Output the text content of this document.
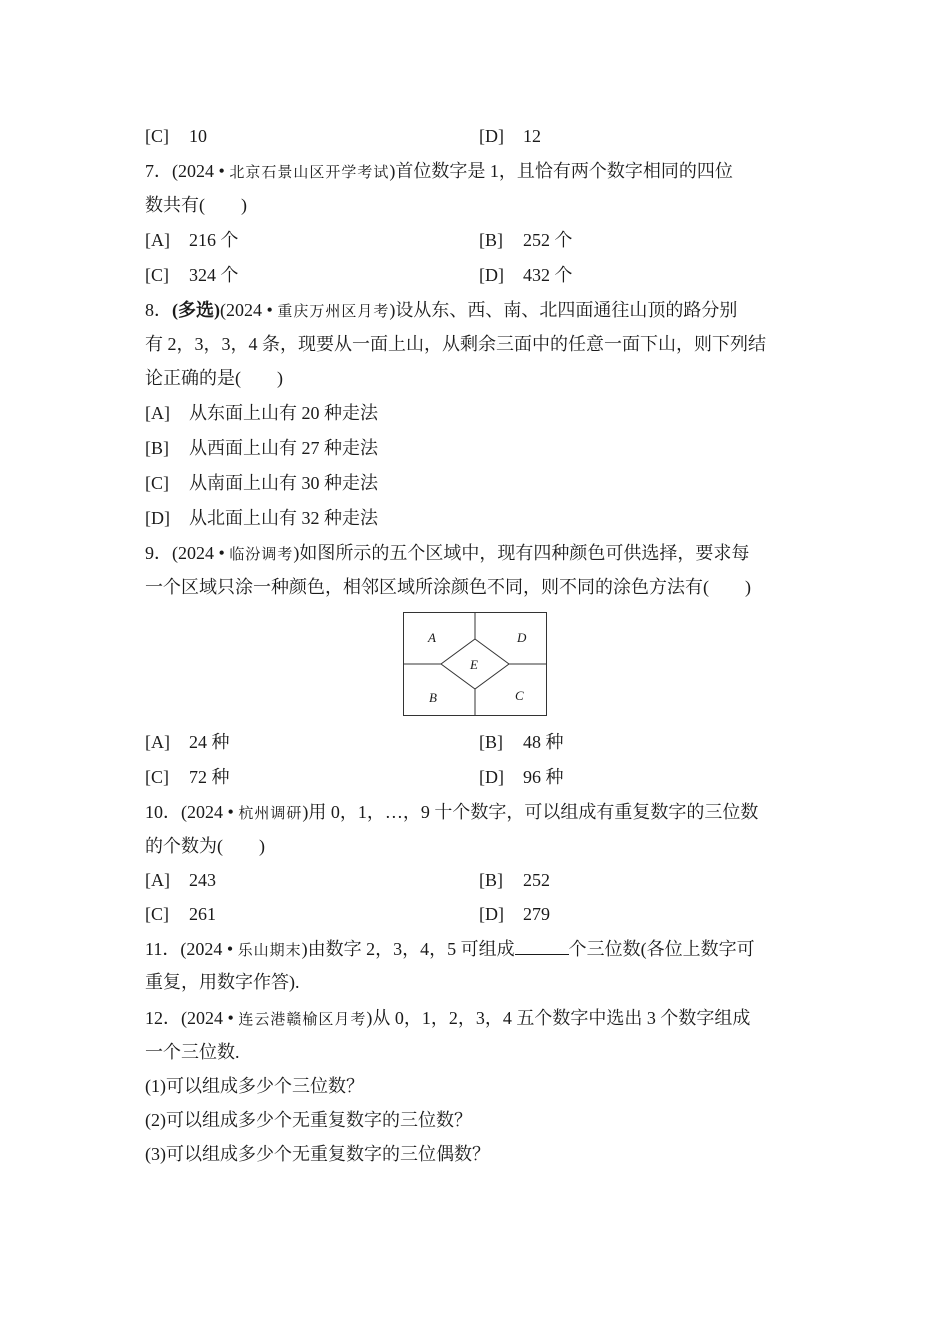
[C] 10	[D] 12
7．(2024 • 北京石景山区开学考试)首位数字是 1，且恰有两个数字相同的四位
数共有(　　)
[A] 216 个	[B] 252 个
[C] 324 个	[D] 432 个
8．(多选)(2024 • 重庆万州区月考)设从东、西、南、北四面通往山顶的路分别
有 2，3，3，4 条，现要从一面上山，从剩余三面中的任意一面下山，则下列结
论正确的是(　　)
[A] 从东面上山有 20 种走法
[B] 从西面上山有 27 种走法
[C] 从南面上山有 30 种走法
[D] 从北面上山有 32 种走法
9．(2024 • 临汾调考)如图所示的五个区域中，现有四种颜色可供选择，要求每
一个区域只涂一种颜色，相邻区域所涂颜色不同，则不同的涂色方法有(　　)
A	D
E
B	C
[A] 24 种	[B] 48 种
[C] 72 种	[D] 96 种
10．(2024 • 杭州调研)用 0，1，…，9 十个数字，可以组成有重复数字的三位数
的个数为(　　)
[A] 243	[B] 252
[C] 261	[D] 279
11．(2024 • 乐山期末)由数字 2，3，4，5 可组成	个三位数(各位上数字可
重复，用数字作答).
12．(2024 • 连云港赣榆区月考)从 0，1，2，3，4 五个数字中选出 3 个数字组成
一个三位数.
(1)可以组成多少个三位数？
(2)可以组成多少个无重复数字的三位数？
(3)可以组成多少个无重复数字的三位偶数？
